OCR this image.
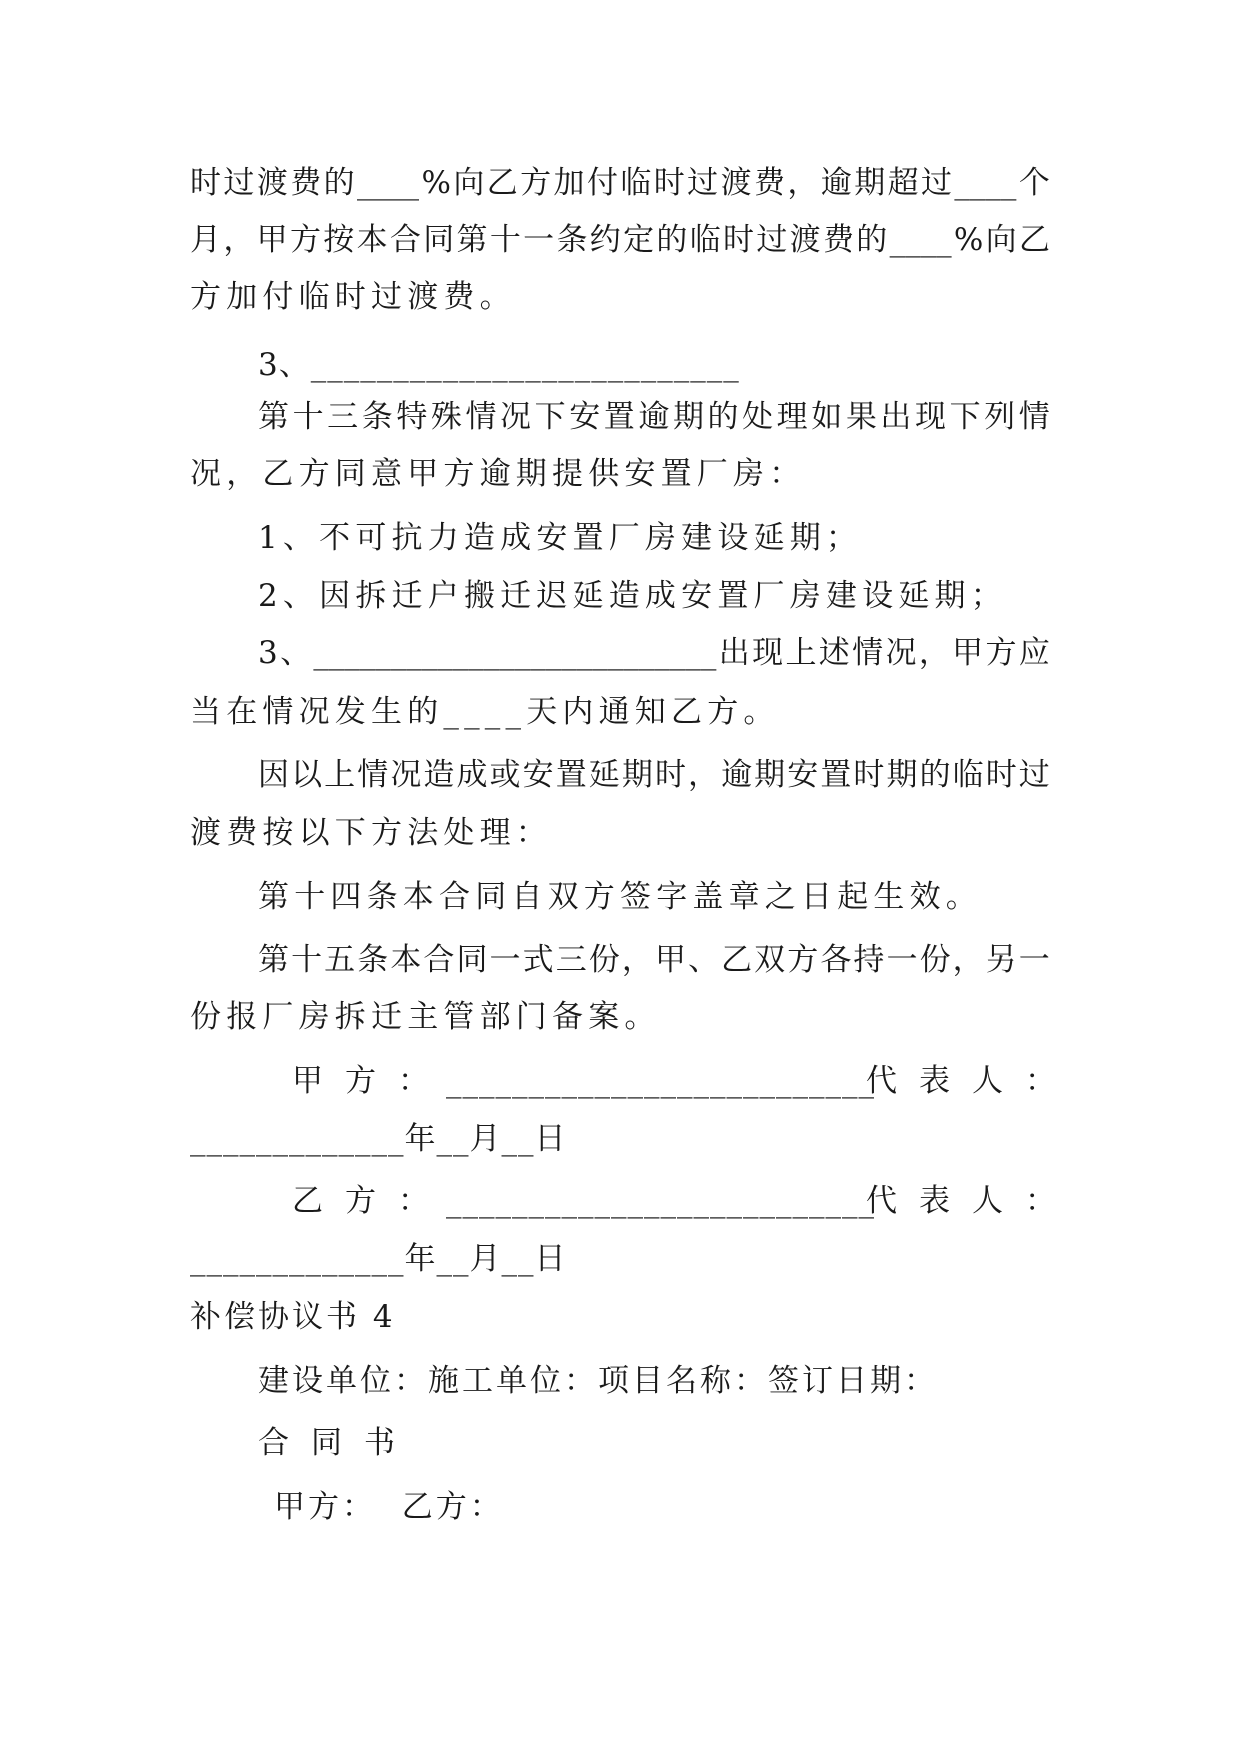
时 过 渡 费 的 ____ % 向 乙 方 加 付 临 时 过 渡 费 ， 逾 期 超 过 ____ 个
月 ， 甲 方 按 本 合 同 第 十 一 条 约 定 的 临 时 过 渡 费 的 ____ % 向 乙
方加付临时过渡费。
3、__________________________
第 十 三 条 特 殊 情 况 下 安 置 逾 期 的 处 理 如 果 出 现 下 列 情
况，乙方同意甲方逾期提供安置厂房：
1、不可抗力造成安置厂房建设延期；
2、因拆迁户搬迁迟延造成安置厂房建设延期；
3 、 __________________________ 出 现 上 述 情 况 ， 甲 方 应
当在情况发生的____天内通知乙方。
因 以 上 情 况 造 成 或 安 置 延 期 时 ， 逾 期 安 置 时 期 的 临 时 过
渡费按以下方法处理：
第十四条本合同自双方签字盖章之日起生效。
第 十 五 条 本 合 同 一 式 三 份 ， 甲 、 乙 双 方 各 持 一 份 ， 另 一
份报厂房拆迁主管部门备案。
甲方：
__________________________
代表人：
_____________年__月__日
乙方：
__________________________
代表人：
_____________年__月__日
补偿协议书 4
建设单位：施工单位：项目名称：签订日期：
合同书
甲方：  乙方：
